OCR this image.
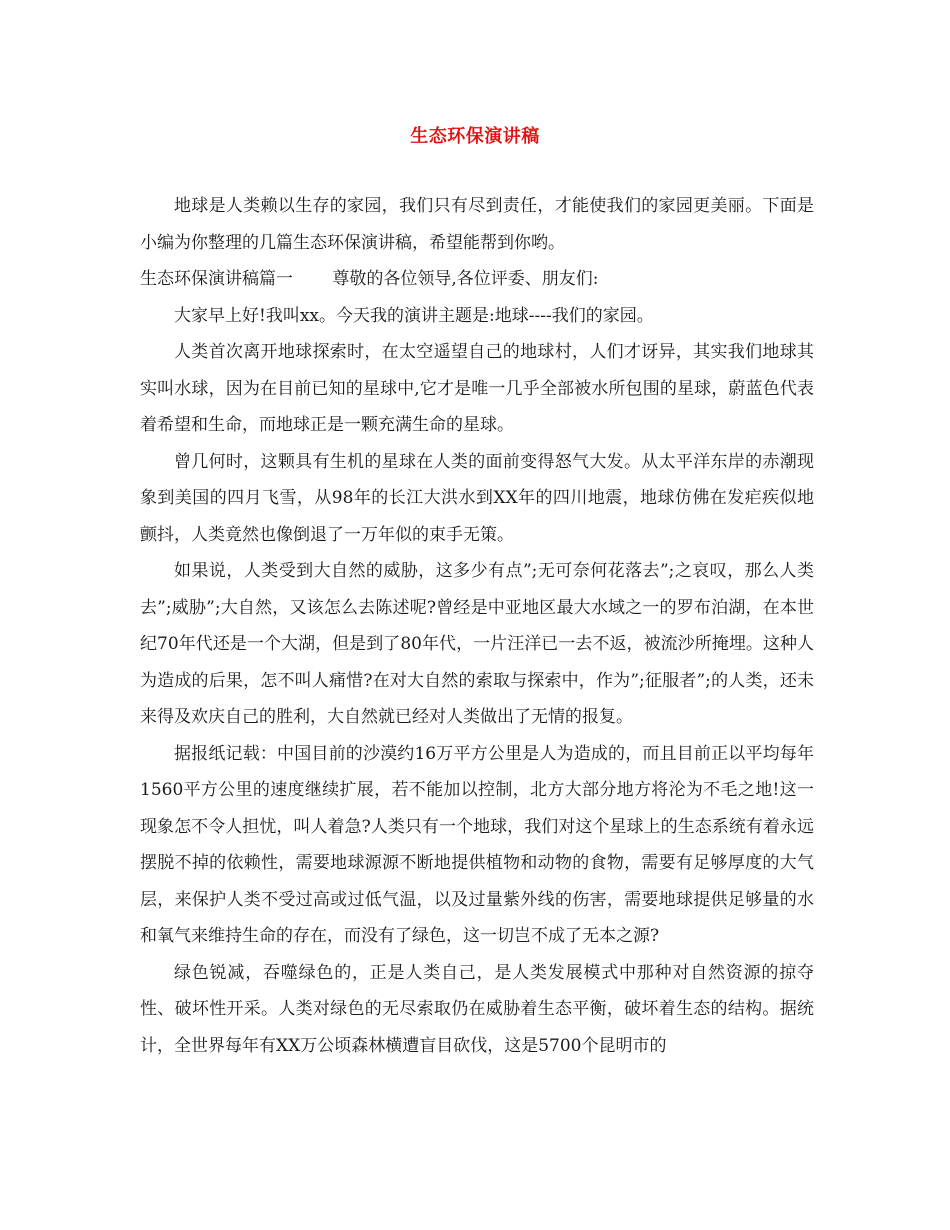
生态环保演讲稿

地球是人类赖以生存的家园，我们只有尽到责任，才能使我们的家园更美丽。下面是小编为你整理的几篇生态环保演讲稿，希望能帮到你哟。

生态环保演讲稿篇一　　 尊敬的各位领导,各位评委、朋友们:

大家早上好!我叫xx。今天我的演讲主题是:地球----我们的家园。

人类首次离开地球探索时，在太空遥望自己的地球村，人们才讶异，其实我们地球其实叫水球，因为在目前已知的星球中,它才是唯一几乎全部被水所包围的星球，蔚蓝色代表着希望和生命，而地球正是一颗充满生命的星球。

曾几何时，这颗具有生机的星球在人类的面前变得怒气大发。从太平洋东岸的赤潮现象到美国的四月飞雪，从98年的长江大洪水到XX年的四川地震，地球仿佛在发疟疾似地颤抖，人类竟然也像倒退了一万年似的束手无策。

如果说，人类受到大自然的威胁，这多少有点”;无可奈何花落去”;之哀叹，那么人类去”;威胁”;大自然，又该怎么去陈述呢?曾经是中亚地区最大水域之一的罗布泊湖，在本世纪70年代还是一个大湖，但是到了80年代，一片汪洋已一去不返，被流沙所掩埋。这种人为造成的后果，怎不叫人痛惜?在对大自然的索取与探索中，作为”;征服者”;的人类，还未来得及欢庆自己的胜利，大自然就已经对人类做出了无情的报复。

据报纸记载：中国目前的沙漠约16万平方公里是人为造成的，而且目前正以平均每年1560平方公里的速度继续扩展，若不能加以控制，北方大部分地方将沦为不毛之地!这一现象怎不令人担忧，叫人着急?人类只有一个地球，我们对这个星球上的生态系统有着永远摆脱不掉的依赖性，需要地球源源不断地提供植物和动物的食物，需要有足够厚度的大气层，来保护人类不受过高或过低气温，以及过量紫外线的伤害，需要地球提供足够量的水和氧气来维持生命的存在，而没有了绿色，这一切岂不成了无本之源?

绿色锐减，吞噬绿色的，正是人类自己，是人类发展模式中那种对自然资源的掠夺性、破坏性开采。人类对绿色的无尽索取仍在威胁着生态平衡，破坏着生态的结构。据统计，全世界每年有XX万公顷森林横遭盲目砍伐，这是5700个昆明市的
